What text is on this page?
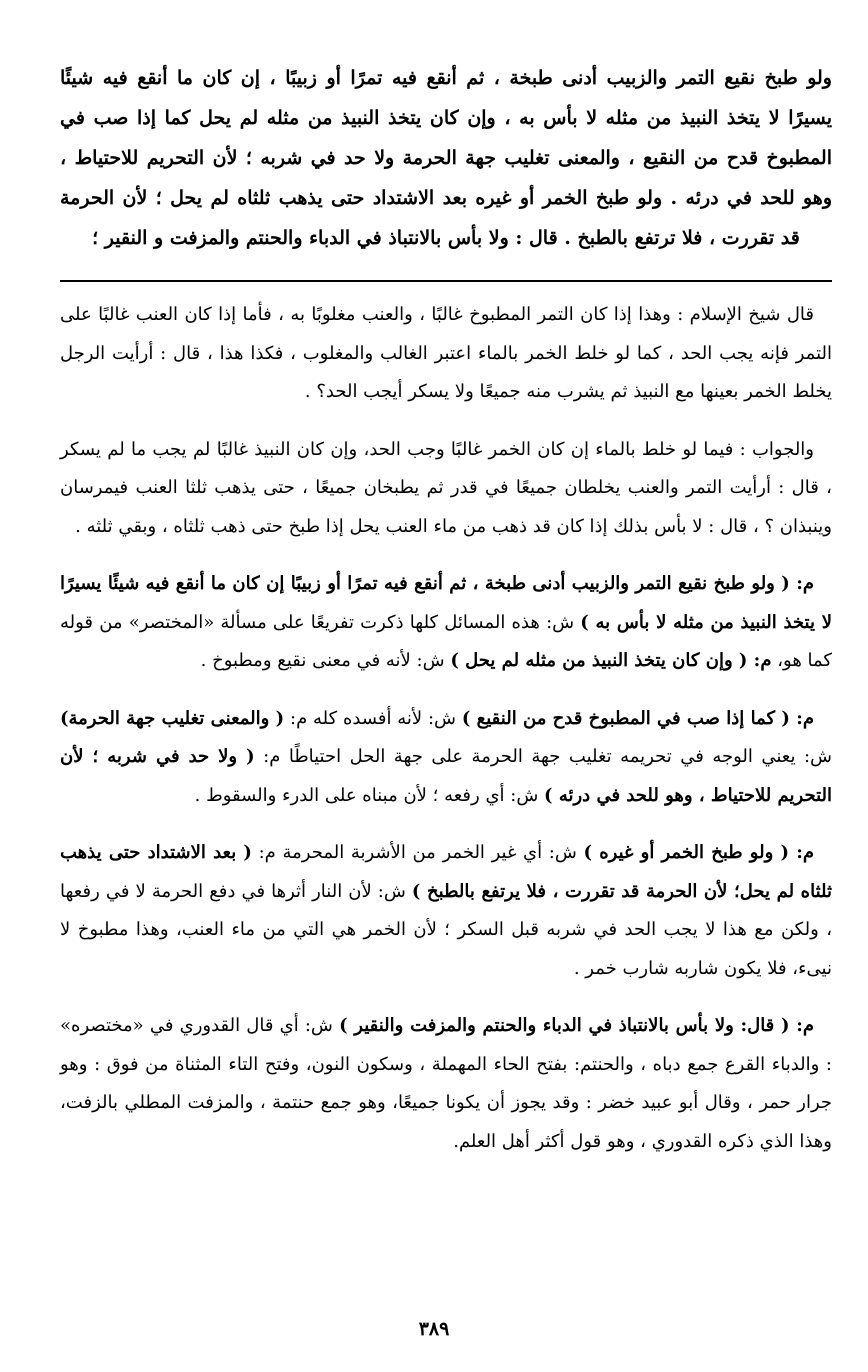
ولو طبخ نقيع التمر والزبيب أدنى طبخة ، ثم أنقع فيه تمرًا أو زبيبًا ، إن كان ما أنقع فيه شيئًا
يسيرًا لا يتخذ النبيذ من مثله لا بأس به ، وإن كان يتخذ النبيذ من مثله لم يحل كما إذا صب في
المطبوخ قدح من النقيع ، والمعنى تغليب جهة الحرمة ولا حد في شربه ؛ لأن التحريم للاحتياط ،
وهو للحد في درئه . ولو طبخ الخمر أو غيره بعد الاشتداد حتى يذهب ثلثاه لم يحل ؛ لأن الحرمة
قد تقررت ، فلا ترتفع بالطبخ . قال : ولا بأس بالانتباذ في الدباء والحنتم والمزفت و النقير ؛

قال شيخ الإسلام : وهذا إذا كان التمر المطبوخ غالبًا ، والعنب مغلوبًا به ، فأما إذا كان العنب غالبًا على التمر فإنه يجب الحد ، كما لو خلط الخمر بالماء اعتبر الغالب والمغلوب ، فكذا هذا ، قال : أرأيت الرجل يخلط الخمر بعينها مع النبيذ ثم يشرب منه جميعًا ولا يسكر أيجب الحد؟ .

والجواب : فيما لو خلط بالماء إن كان الخمر غالبًا وجب الحد، وإن كان النبيذ غالبًا لم يجب ما لم يسكر ، قال : أرأيت التمر والعنب يخلطان جميعًا في قدر ثم يطبخان جميعًا ، حتى يذهب ثلثا العنب فيمرسان وينبذان ؟ ، قال : لا بأس بذلك إذا كان قد ذهب من ماء العنب يحل إذا طبخ حتى ذهب ثلثاه ، وبقي ثلثه .

م: ( ولو طبخ نقيع التمر والزبيب أدنى طبخة ، ثم أنقع فيه تمرًا أو زبيبًا إن كان ما أنقع فيه شيئًا يسيرًا لا يتخذ النبيذ من مثله لا بأس به ) ش: هذه المسائل كلها ذكرت تفريعًا على مسألة «المختصر» من قوله كما هو، م: ( وإن كان يتخذ النبيذ من مثله لم يحل ) ش: لأنه في معنى نقيع ومطبوخ .

م: ( كما إذا صب في المطبوخ قدح من النقيع ) ش: لأنه أفسده كله م: ( والمعنى تغليب جهة الحرمة) ش: يعني الوجه في تحريمه تغليب جهة الحرمة على جهة الحل احتياطًا م: ( ولا حد في شربه ؛ لأن التحريم للاحتياط ، وهو للحد في درئه ) ش: أي رفعه ؛ لأن مبناه على الدرء والسقوط .

م: ( ولو طبخ الخمر أو غيره ) ش: أي غير الخمر من الأشربة المحرمة م: ( بعد الاشتداد حتى يذهب ثلثاه لم يحل؛ لأن الحرمة قد تقررت ، فلا يرتفع بالطبخ ) ش: لأن النار أثرها في دفع الحرمة لا في رفعها ، ولكن مع هذا لا يجب الحد في شربه قبل السكر ؛ لأن الخمر هي التي من ماء العنب، وهذا مطبوخ لا نيىء، فلا يكون شاربه شارب خمر .

م: ( قال: ولا بأس بالانتباذ في الدباء والحنتم والمزفت والنقير ) ش: أي قال القدوري في «مختصره» : والدباء القرع جمع دباه ، والحنتم: بفتح الحاء المهملة ، وسكون النون، وفتح التاء المثناة من فوق : وهو جرار حمر ، وقال أبو عبيد خضر : وقد يجوز أن يكونا جميعًا، وهو جمع حنتمة ، والمزفت المطلي بالزفت، وهذا الذي ذكره القدوري ، وهو قول أكثر أهل العلم.

٣٨٩
